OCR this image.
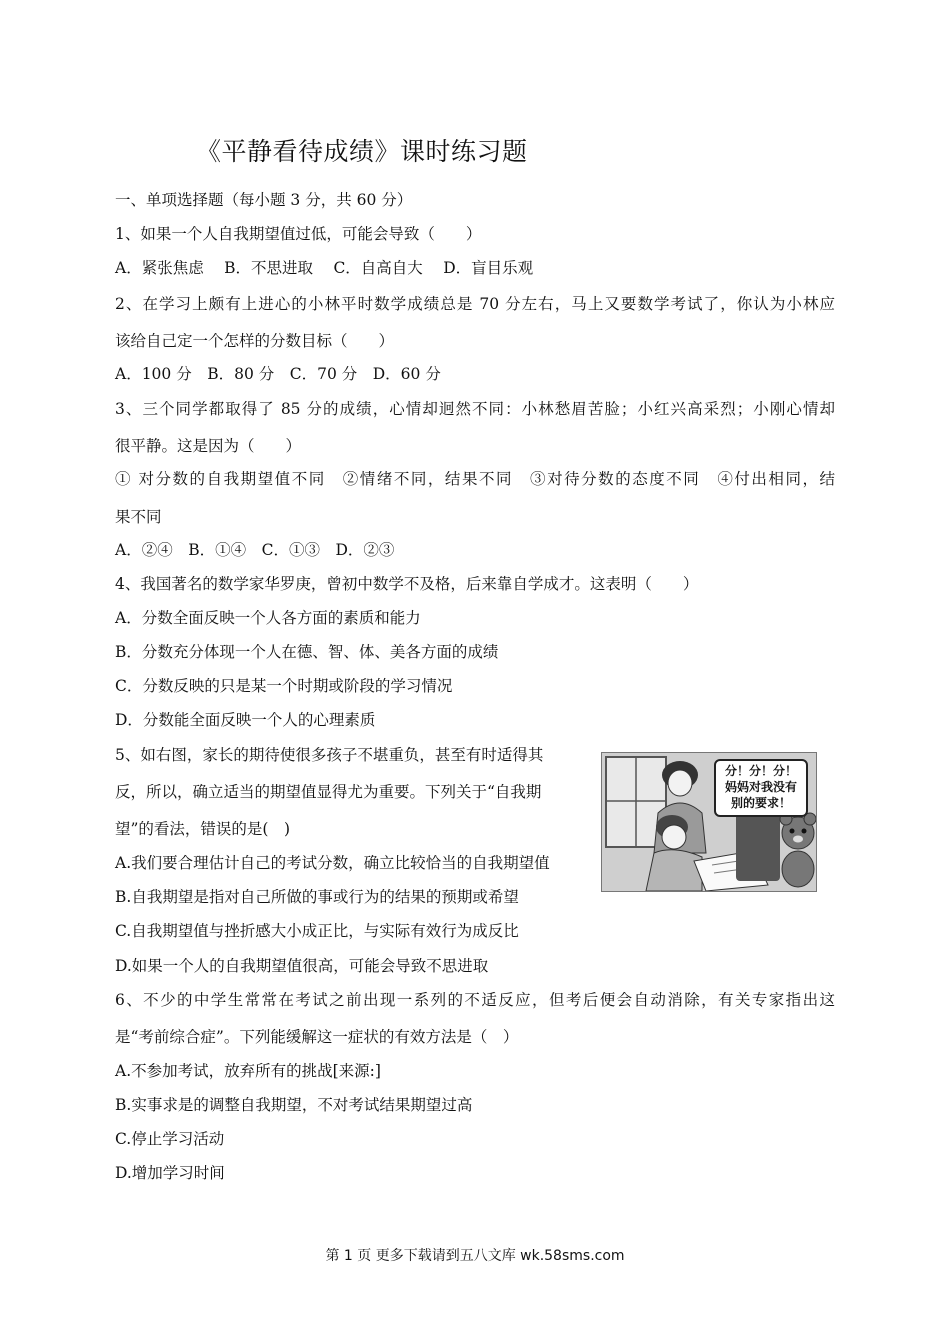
《平静看待成绩》课时练习题
一、单项选择题（每小题 3 分，共 60 分）
1、如果一个人自我期望值过低，可能会导致（　　）
A．紧张焦虑　 B．不思进取　 C．自高自大　 D．盲目乐观
2、在学习上颇有上进心的小林平时数学成绩总是 70 分左右，马上又要数学考试了，你认为小林应
该给自己定一个怎样的分数目标（　　）
A．100 分　B．80 分　C．70 分　D．60 分
3、三个同学都取得了 85 分的成绩，心情却迥然不同：小林愁眉苦脸；小红兴高采烈；小刚心情却
很平静。这是因为（　　）
① 对分数的自我期望值不同　②情绪不同，结果不同　③对待分数的态度不同　④付出相同，结
果不同
A．②④　B．①④　C．①③　D．②③
4、我国著名的数学家华罗庚，曾初中数学不及格，后来靠自学成才。这表明（　　）
A．分数全面反映一个人各方面的素质和能力
B．分数充分体现一个人在德、智、体、美各方面的成绩
C．分数反映的只是某一个时期或阶段的学习情况
D．分数能全面反映一个人的心理素质
5、如右图，家长的期待使很多孩子不堪重负，甚至有时适得其
反，所以，确立适当的期望值显得尤为重要。下列关于“自我期
望”的看法，错误的是(　)
A.我们要合理估计自己的考试分数，确立比较恰当的自我期望值
B.自我期望是指对自己所做的事或行为的结果的预期或希望
C.自我期望值与挫折感大小成正比，与实际有效行为成反比
D.如果一个人的自我期望值很高，可能会导致不思进取
分！分！分！
妈妈对我没有
别的要求！
6、不少的中学生常常在考试之前出现一系列的不适反应，但考后便会自动消除，有关专家指出这
是“考前综合症”。下列能缓解这一症状的有效方法是（　）
A.不参加考试，放弃所有的挑战[来源:]
B.实事求是的调整自我期望，不对考试结果期望过高
C.停止学习活动
D.增加学习时间
第 1 页 更多下载请到五八文库 wk.58sms.com
